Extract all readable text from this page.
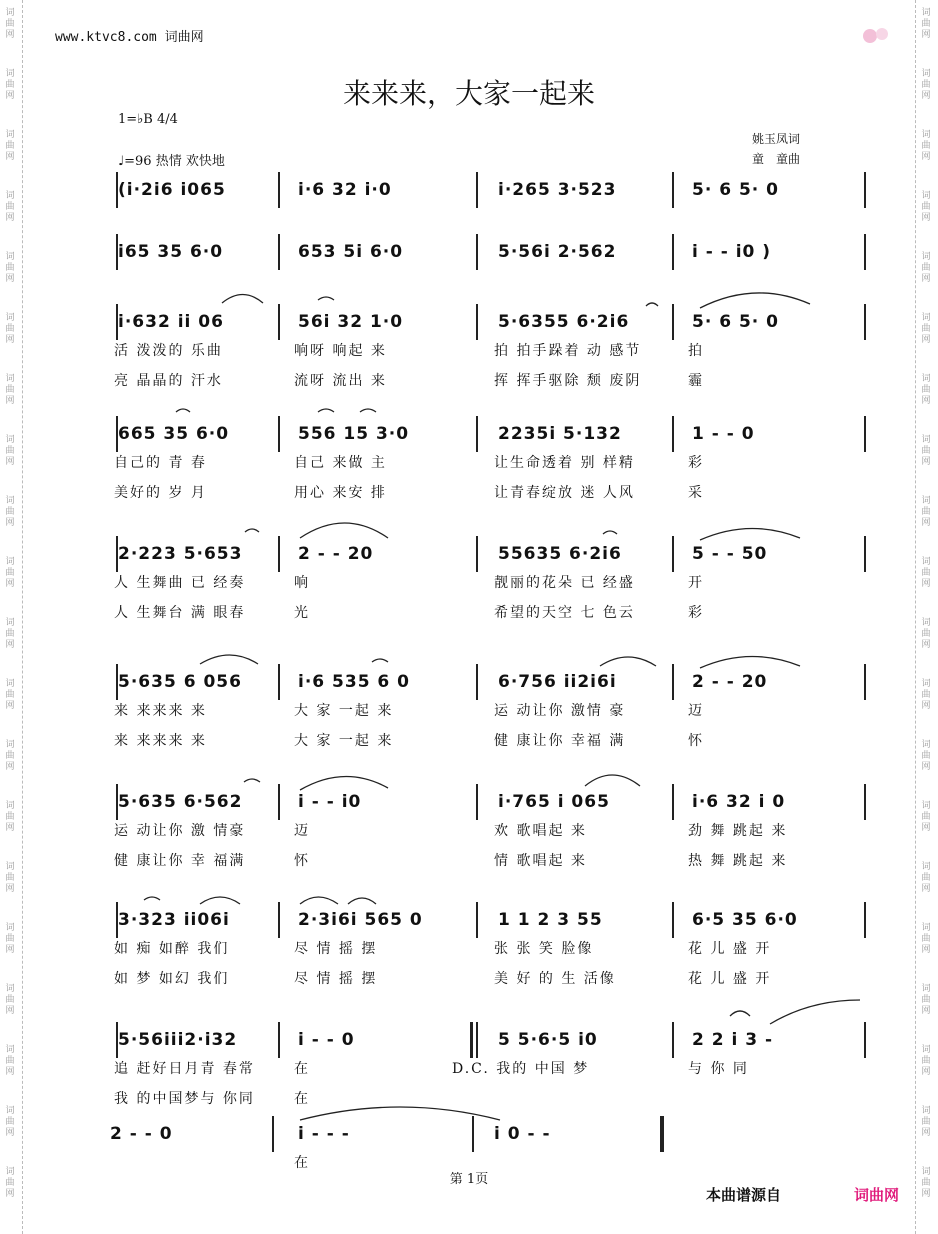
词曲网
词曲网
词曲网
词曲网
词曲网
词曲网
词曲网
词曲网
词曲网
词曲网
词曲网
词曲网
词曲网
词曲网
词曲网
词曲网
词曲网
词曲网
词曲网
词曲网
词曲网
词曲网
词曲网
词曲网
词曲网
词曲网
词曲网
词曲网
词曲网
词曲网
词曲网
词曲网
词曲网
词曲网
词曲网
词曲网
词曲网
词曲网
词曲网
词曲网
www.ktvc8.com 词曲网
来来来，大家一起来
1=♭B 4/4
♩=96 热情 欢快地
姚玉凤词
童　童曲
(i·2i6 i065	i·6 32 i·0	i·265 3·523	5· 6 5· 0
i65 35 6·0	653 5i 6·0	5·56i 2·562	i - - i0 )
i·632 ii 06	56i 32 1·0	5·6355 6·2i6	5· 6 5· 0
活 泼泼的 乐曲	响呀 响起 来	拍 拍手跺着 动 感节	拍
亮 晶晶的 汗水	流呀 流出 来	挥 挥手驱除 颓 废阴	霾
665 35 6·0	556 15 3·0	2235i 5·132	1 - - 0
自己的 青 春	自己 来做 主	让生命透着 别 样精	彩
美好的 岁 月	用心 来安 排	让青春绽放 迷 人风	采
2·223 5·653	2 - - 20	55635 6·2i6	5 - - 50
人 生舞曲 已 经奏	响	靓丽的花朵 已 经盛	开
人 生舞台 满 眼春	光	希望的天空 七 色云	彩
5·635 6 056	i·6 535 6 0	6·756 ii2i6i	2 - - 20
来 来来来 来	大 家 一起 来	运 动让你 激情 豪	迈
来 来来来 来	大 家 一起 来	健 康让你 幸福 满	怀
5·635 6·562	i - - i0	i·765 i 065	i·6 32 i 0
运 动让你 激 情豪	迈	欢 歌唱起 来	劲 舞 跳起 来
健 康让你 幸 福满	怀	情 歌唱起 来	热 舞 跳起 来
3·323 ii06i	2·3i6i 565 0	1 1 2 3 55	6·5 35 6·0
如 痴 如醉 我们	尽 情 摇 摆	张 张 笑 脸像	花 儿 盛 开
如 梦 如幻 我们	尽 情 摇 摆	美 好 的 生 活像	花 儿 盛 开
5·56iii2·i32	i - - 0	5 5·6·5 i0	2 2 i 3 -
追 赶好日月青 春常	在	D.C. 我的 中国 梦	与 你 同
我 的中国梦与 你同	在
2 - - 0	i - - -	i 0 - -
在
第 1页
本曲谱源自	词曲网
